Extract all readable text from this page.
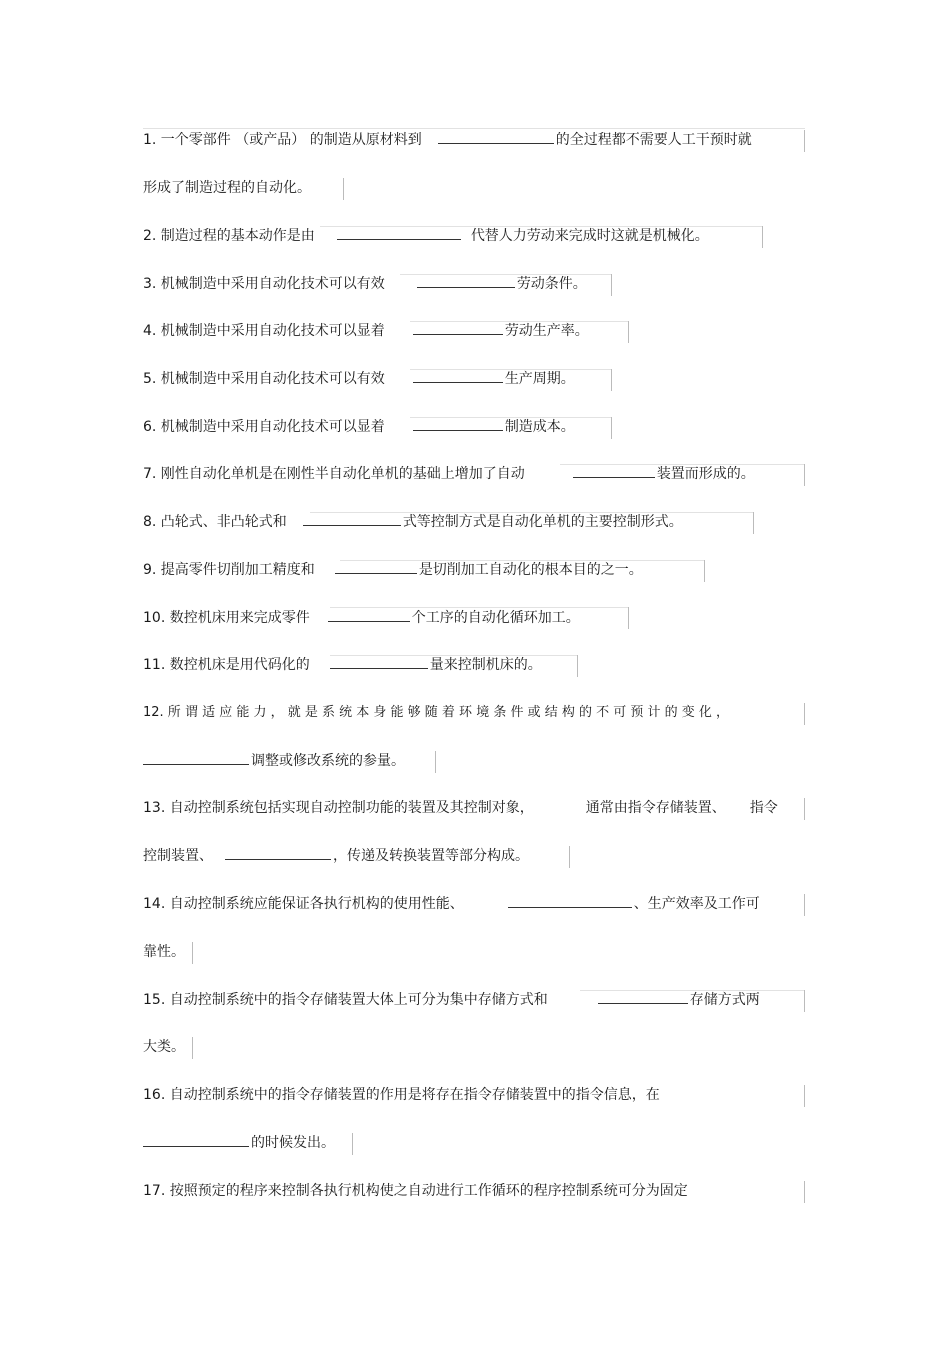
1. 一个零部件 （或产品） 的制造从原材料到	的全过程都不需要人工干预时就
形成了制造过程的自动化。
2. 制造过程的基本动作是由	代替人力劳动来完成时这就是机械化。
3. 机械制造中采用自动化技术可以有效	劳动条件。
4. 机械制造中采用自动化技术可以显着	劳动生产率。
5. 机械制造中采用自动化技术可以有效	生产周期。
6. 机械制造中采用自动化技术可以显着	制造成本。
7. 刚性自动化单机是在刚性半自动化单机的基础上增加了自动	装置而形成的。
8. 凸轮式、非凸轮式和	式等控制方式是自动化单机的主要控制形式。
9. 提高零件切削加工精度和	是切削加工自动化的根本目的之一。
10. 数控机床用来完成零件	个工序的自动化循环加工。
11. 数控机床是用代码化的	量来控制机床的。
12. 所 谓 适 应 能 力 ， 就 是 系 统 本 身 能 够 随 着 环 境 条 件 或 结 构 的 不 可 预 计 的 变 化 ，
调整或修改系统的参量。
13. 自动控制系统包括实现自动控制功能的装置及其控制对象，	通常由指令存储装置、 指令
控制装置、	，传递及转换装置等部分构成。
14. 自动控制系统应能保证各执行机构的使用性能、	、生产效率及工作可
靠性。
15. 自动控制系统中的指令存储装置大体上可分为集中存储方式和	存储方式两
大类。
16. 自动控制系统中的指令存储装置的作用是将存在指令存储装置中的指令信息，在
的时候发出。
17. 按照预定的程序来控制各执行机构使之自动进行工作循环的程序控制系统可分为固定
